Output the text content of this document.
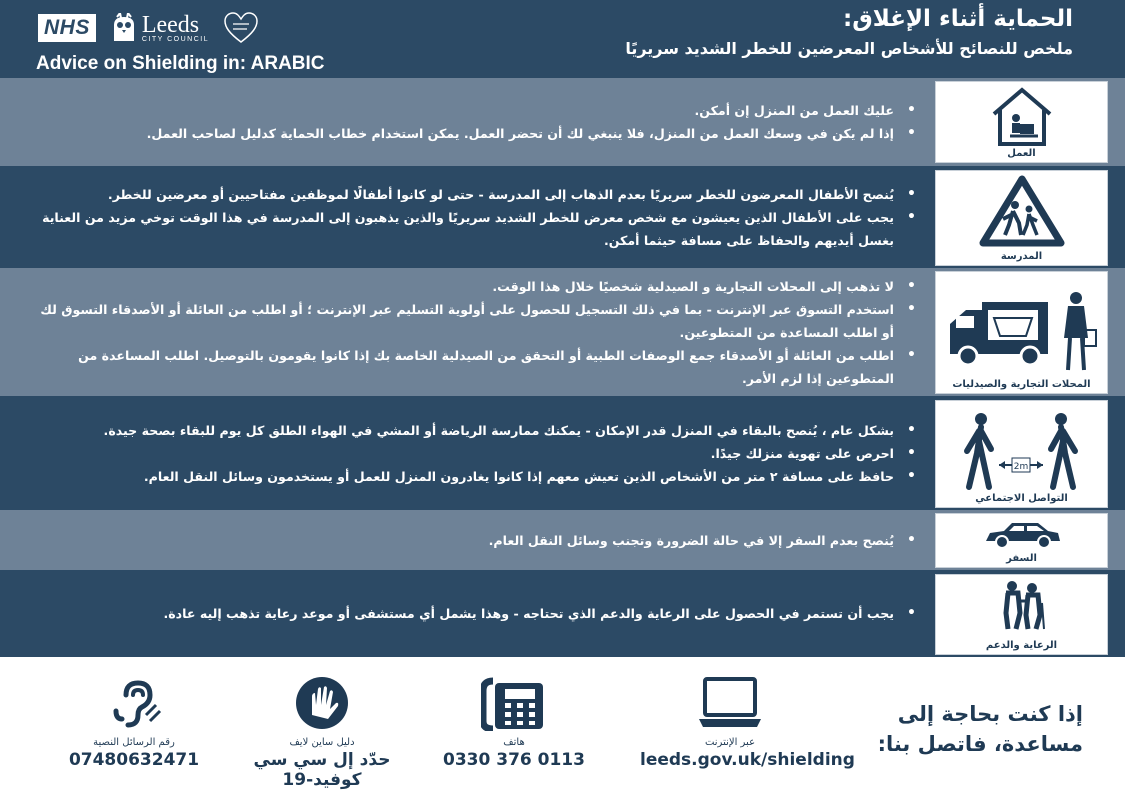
NHS Leeds
CITY COUNCIL
Advice on Shielding in: ARABIC
الحماية أثناء الإغلاق:
ملخص للنصائح للأشخاص المعرضين للخطر الشديد سريريًا
• عليك العمل من المنزل إن أمكن.
• إذا لم يكن في وسعك العمل من المنزل، فلا ينبغي لك أن تحضر العمل. يمكن استخدام خطاب الحماية كدليل لصاحب العمل.
العمل
• يُنصح الأطفال المعرضون للخطر سريريًا بعدم الذهاب إلى المدرسة - حتى لو كانوا أطفالًا لموظفين مفتاحيين أو معرضين للخطر.
• يجب على الأطفال الذين يعيشون مع شخص معرض للخطر الشديد سريريًا والذين يذهبون إلى المدرسة في هذا الوقت توخي مزيد من العناية بغسل أيديهم والحفاظ على مسافة حيثما أمكن.
المدرسة
• لا تذهب إلى المحلات التجارية و الصيدلية شخصيًا خلال هذا الوقت.
• استخدم التسوق عبر الإنترنت - بما في ذلك التسجيل للحصول على أولوية التسليم عبر الإنترنت ؛ أو اطلب من العائلة أو الأصدقاء التسوق لك أو اطلب المساعدة من المتطوعين.
• اطلب من العائلة أو الأصدقاء جمع الوصفات الطبية أو التحقق من الصيدلية الخاصة بك إذا كانوا يقومون بالتوصيل. اطلب المساعدة من المتطوعين إذا لزم الأمر.	المحلات التجارية والصيدليات
• بشكل عام ، يُنصح بالبقاء في المنزل قدر الإمكان - يمكنك ممارسة الرياضة أو المشي في الهواء الطلق كل يوم للبقاء بصحة جيدة.
• احرص على تهوية منزلك جيدًا.
• حافظ على مسافة ٢ متر من الأشخاص الذين تعيش معهم إذا كانوا يغادرون المنزل للعمل أو يستخدمون وسائل النقل العام.
2m
التواصل الاجتماعي
• يُنصح بعدم السفر إلا في حالة الضرورة وتجنب وسائل النقل العام.
السفر
• يجب أن تستمر في الحصول على الرعاية والدعم الذي تحتاجه - وهذا يشمل أي مستشفى أو موعد رعاية تذهب إليه عادة.
الرعاية والدعم
عبر الإنترنت
leeds.gov.uk/shielding
هاتف
0330 376 0113
دليل ساين لايف
حدّد إل سي سي كوفيد-19
رقم الرسائل النصية
07480632471
إذا كنت بحاجة إلى
مساعدة، فاتصل بنا:
